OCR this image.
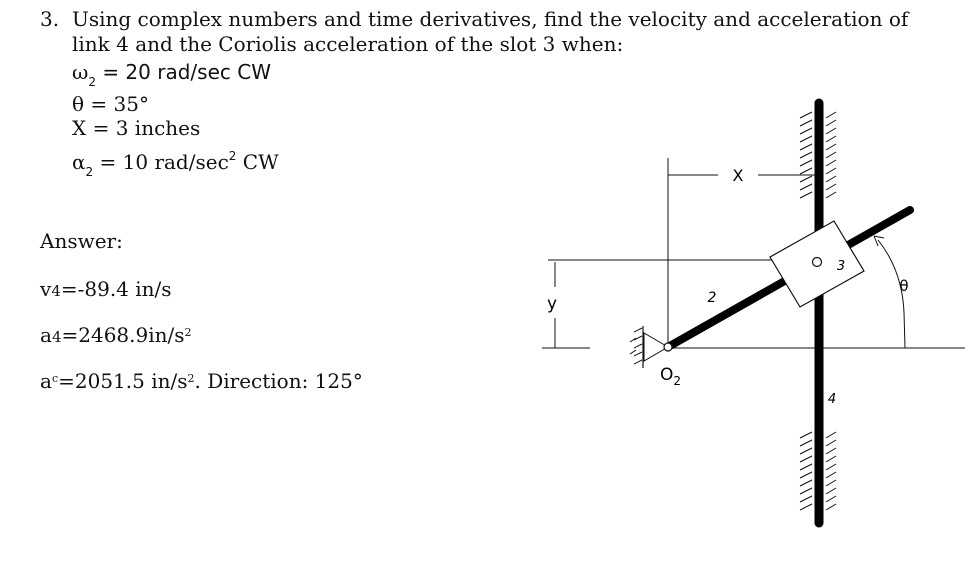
3. Using complex numbers and time derivatives, find the velocity and acceleration of
link 4 and the Coriolis acceleration of the slot 3 when:
$\omega_2 = 20$ rad/sec CW
θ = 35°
X = 3 inches
$\alpha_2 = 10$ rad/$\sec^2$ CW
Answer:
v4=-89.4 in/s
$a4=2468.9in/s^2$
$a^c=2051.5$ $in/s^2$. Direction: 125°
X
y
$O_2$
2
3
4
θ
